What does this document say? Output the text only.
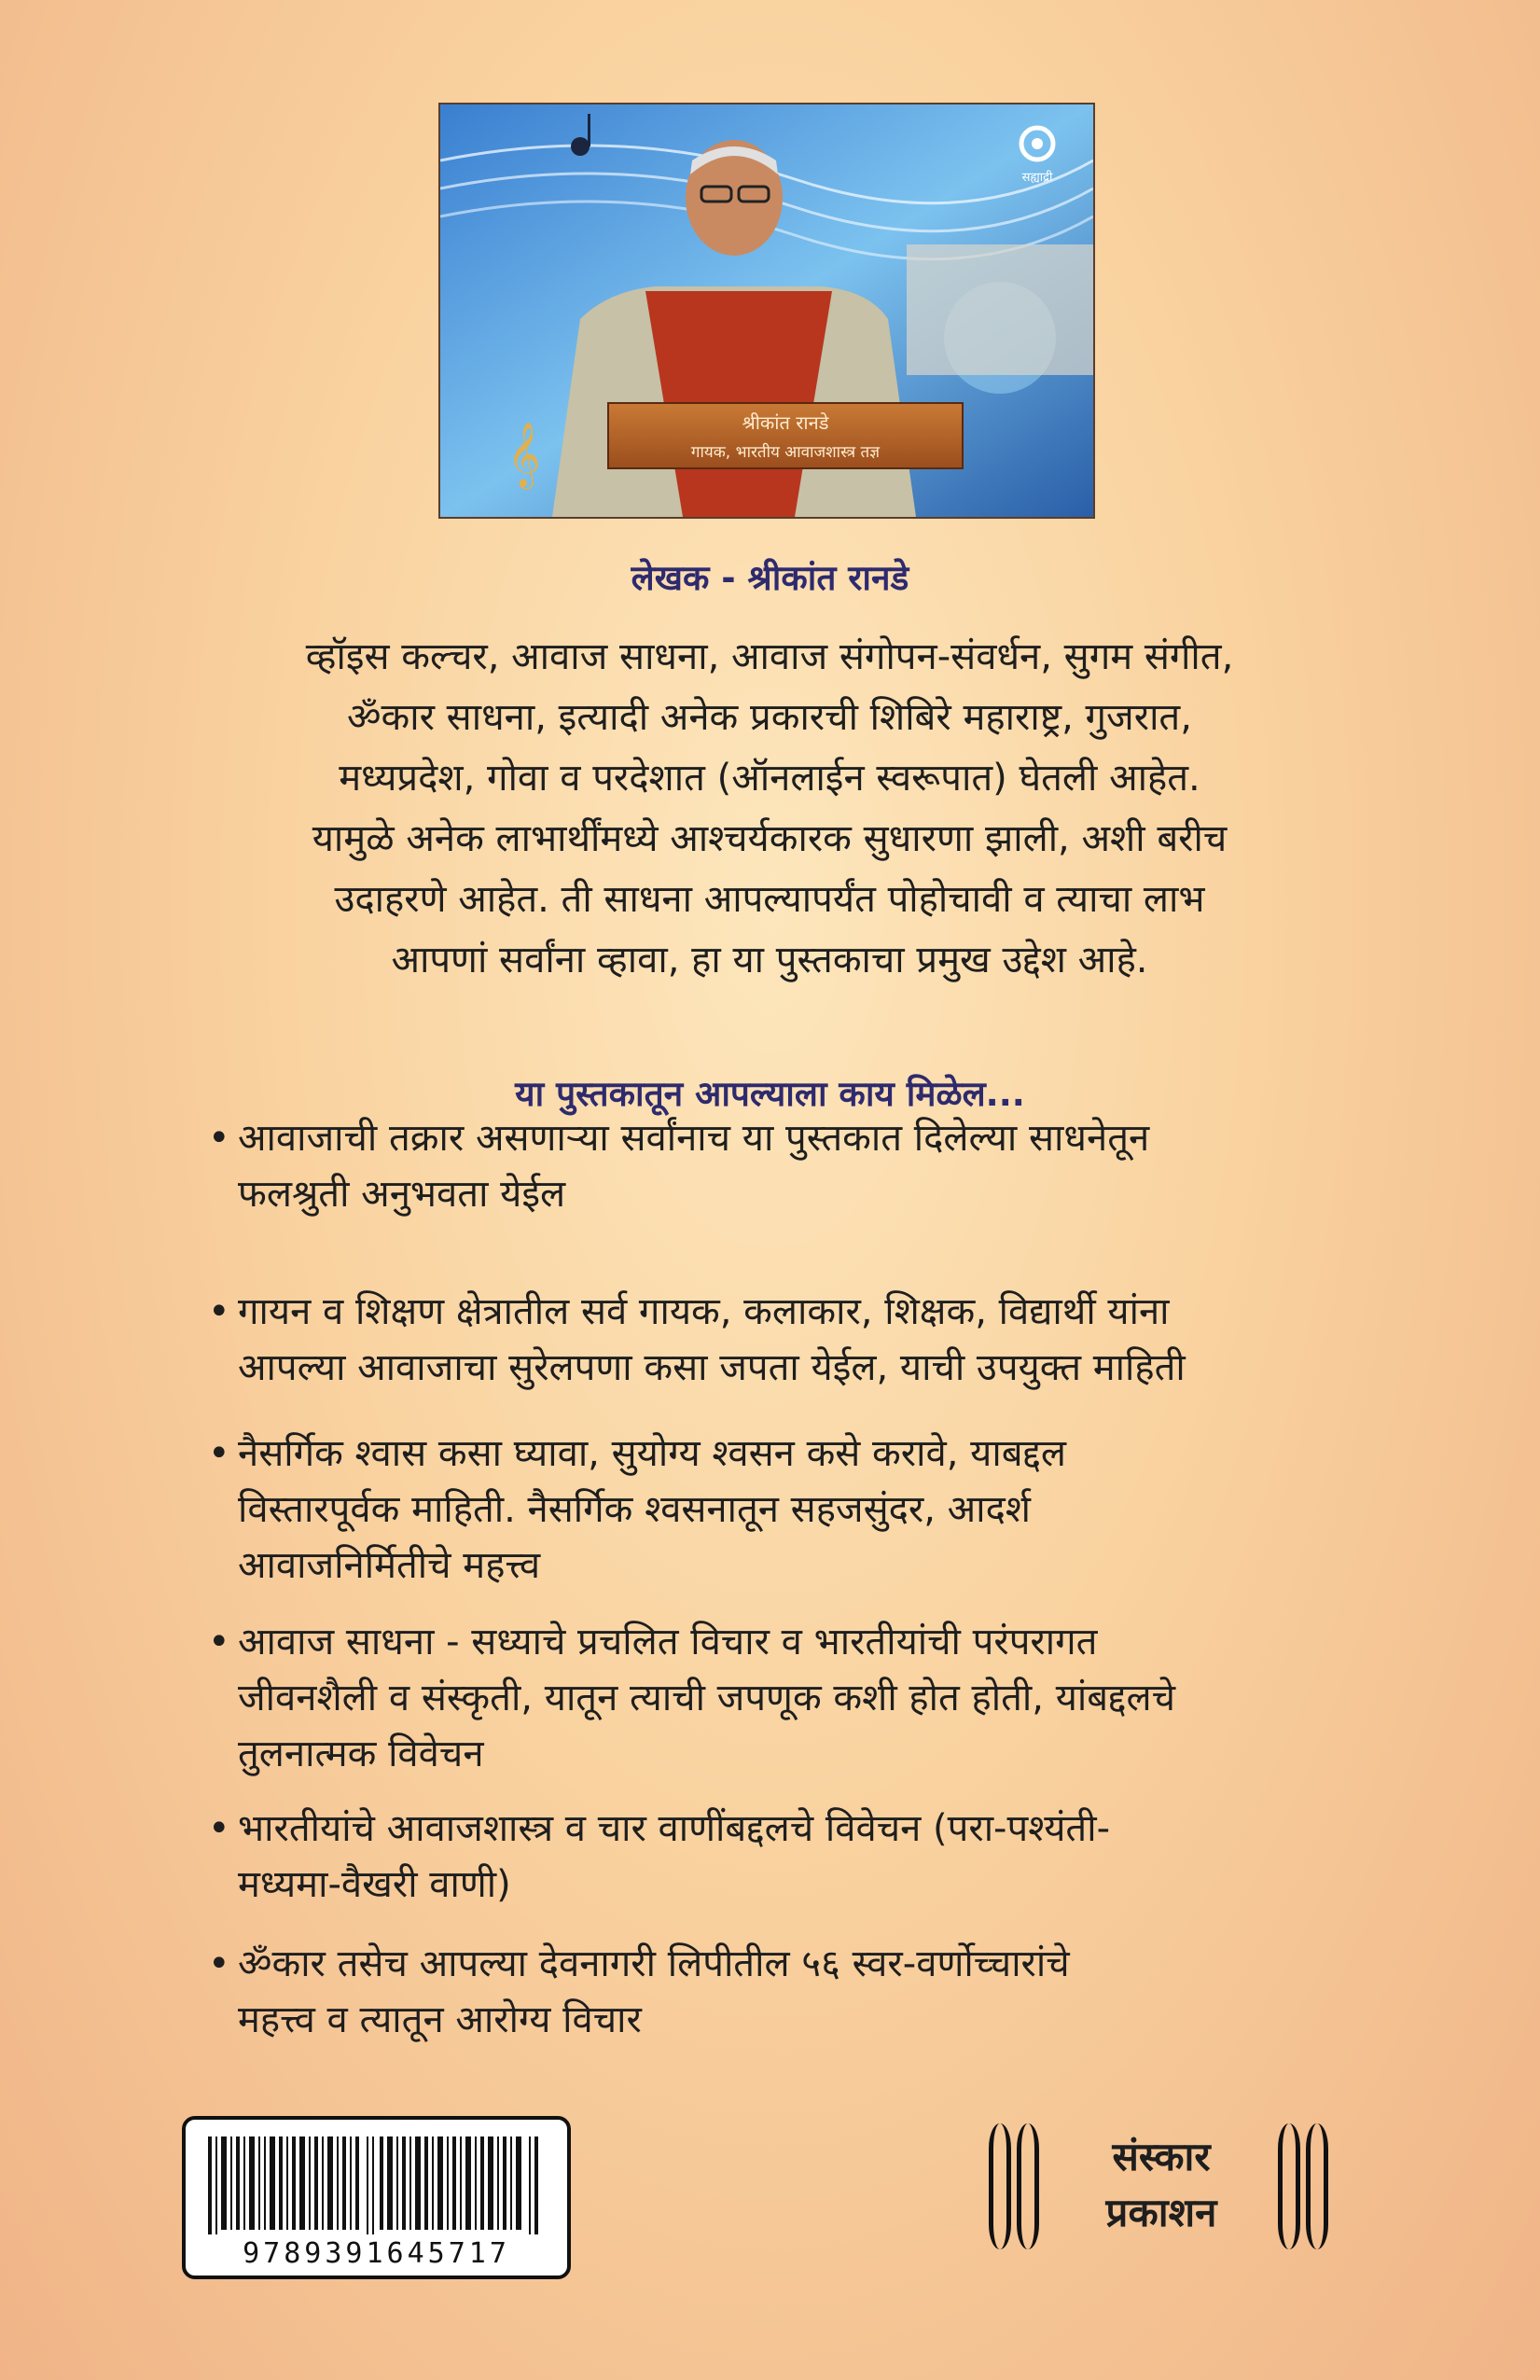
श्रीकांत रानडे
गायक, भारतीय आवाजशास्त्र तज्ञ
𝄞
सह्याद्री
लेखक - श्रीकांत रानडे

व्हॉइस कल्चर, आवाज साधना, आवाज संगोपन-संवर्धन, सुगम संगीत,

ॐकार साधना, इत्यादी अनेक प्रकारची शिबिरे महाराष्ट्र, गुजरात,

मध्यप्रदेश, गोवा व परदेशात (ऑनलाईन स्वरूपात) घेतली आहेत.

यामुळे अनेक लाभार्थींमध्ये आश्चर्यकारक सुधारणा झाली, अशी बरीच

उदाहरणे आहेत. ती साधना आपल्यापर्यंत पोहोचावी व त्याचा लाभ

आपणां सर्वांना व्हावा, हा या पुस्तकाचा प्रमुख उद्देश आहे.

या पुस्तकातून आपल्याला काय मिळेल...
• आवाजाची तक्रार असणाऱ्या सर्वांनाच या पुस्तकात दिलेल्या साधनेतून

फलश्रुती अनुभवता येईल

• गायन व शिक्षण क्षेत्रातील सर्व गायक, कलाकार, शिक्षक, विद्यार्थी यांना

आपल्या आवाजाचा सुरेलपणा कसा जपता येईल, याची उपयुक्त माहिती

• नैसर्गिक श्वास कसा घ्यावा, सुयोग्य श्वसन कसे करावे, याबद्दल

विस्तारपूर्वक माहिती. नैसर्गिक श्वसनातून सहजसुंदर, आदर्श

आवाजनिर्मितीचे महत्त्व

• आवाज साधना - सध्याचे प्रचलित विचार व भारतीयांची परंपरागत

जीवनशैली व संस्कृती, यातून त्याची जपणूक कशी होत होती, यांबद्दलचे

तुलनात्मक विवेचन

• भारतीयांचे आवाजशास्त्र व चार वाणींबद्दलचे विवेचन (परा-पश्यंती-

मध्यमा-वैखरी वाणी)

• ॐकार तसेच आपल्या देवनागरी लिपीतील ५६ स्वर-वर्णोच्चारांचे

महत्त्व व त्यातून आरोग्य विचार

9789391645717
संस्कार
प्रकाशन
